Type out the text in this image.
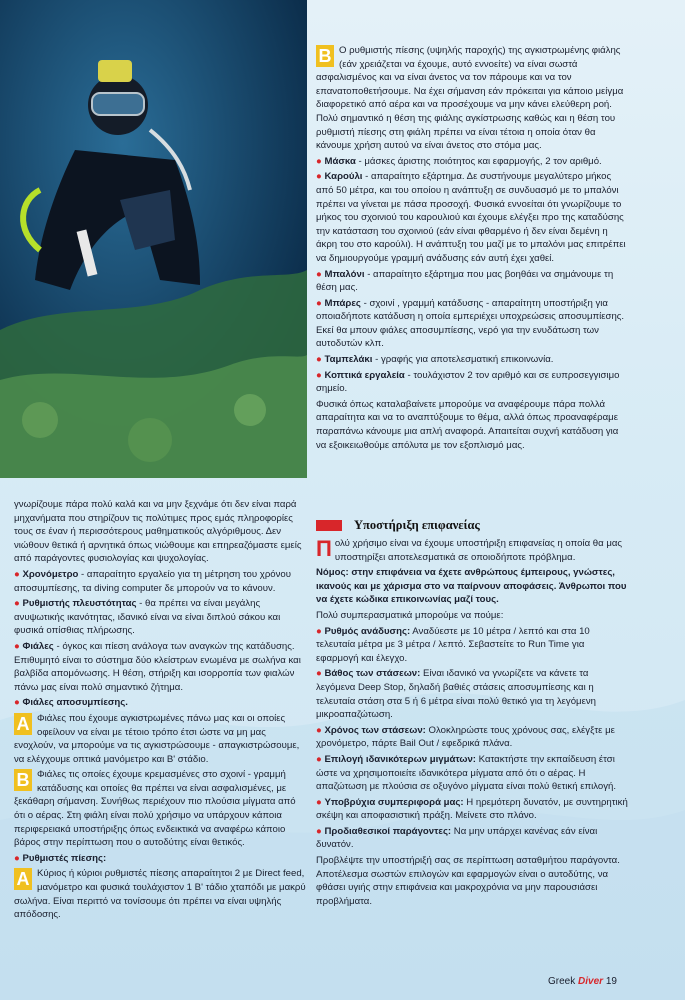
Β Ο ρυθμιστής πίεσης (υψηλής παροχής) της αγκιστρωμένης φιάλης (εάν χρειάζεται να έχουμε, αυτό εννοείτε) να είναι σωστά ασφαλισμένος και να είναι άνετος να τον πάρουμε και να τον επανατοποθετήσουμε. Να έχει σήμανση εάν πρόκειται για κάποιο μείγμα διαφορετικό από αέρα και να προσέχουμε να μην κάνει ελεύθερη ροή. Πολύ σημαντικό η θέση της φιάλης αγκίστρωσης καθώς και η θέση του ρυθμιστή πίεσης στη φιάλη πρέπει να είναι τέτοια η οποία όταν θα κάνουμε χρήση αυτού να είναι άνετος στο στόμα μας.

● Μάσκα - μάσκες άριστης ποιότητος και εφαρμογής, 2 τον αριθμό.

● Καρούλι - απαραίτητο εξάρτημα. Δε συστήνουμε μεγαλύτερο μήκος από 50 μέτρα, και του οποίου η ανάπτυξη σε συνδυασμό με το μπαλόνι πρέπει να γίνεται με πάσα προσοχή. Φυσικά εννοείται ότι γνωρίζουμε το μήκος του σχοινιού του καρουλιού και έχουμε ελέγξει προ της καταδύσης την κατάσταση του σχοινιού (εάν είναι φθαρμένο ή δεν είναι δεμένη η άκρη του στο καρούλι). Η ανάπτυξη του μαζί με το μπαλόνι μας επιτρέπει να δημιουργούμε γραμμή ανάδυσης εάν αυτή έχει χαθεί.

● Μπαλόνι - απαραίτητο εξάρτημα που μας βοηθάει να σημάνουμε τη θέση μας.

● Μπάρες - σχοινί , γραμμή κατάδυσης - απαραίτητη υποστήριξη για οποιαδήποτε κατάδυση η οποία εμπεριέχει υποχρεώσεις αποσυμπίεσης. Εκεί θα μπουν φιάλες αποσυμπίεσης, νερό για την ενυδάτωση των αυτοδυτών κλπ.

● Ταμπελάκι - γραφής για αποτελεσματική επικοινωνία.

● Κοπτικά εργαλεία - τουλάχιστον 2 τον αριθμό και σε ευπροσεγγισιμο σημείο.

Φυσικά όπως καταλαβαίνετε μπορούμε να αναφέρουμε πάρα πολλά απαραίτητα και να το αναπτύξουμε το θέμα, αλλά όπως προαναφέραμε παραπάνω κάνουμε μια απλή αναφορά. Απαιτείται συχνή κατάδυση για να εξοικειωθούμε απόλυτα με τον εξοπλισμό μας.

γνωρίζουμε πάρα πολύ καλά και να μην ξεχνάμε ότι δεν είναι παρά μηχανήματα που στηρίζουν τις πολύτιμες προς εμάς πληροφορίες τους σε έναν ή περισσότερους μαθηματικούς αλγόριθμους. Δεν νιώθουν θετικά ή αρνητικά όπως νιώθουμε και επηρεαζόμαστε εμείς από παράγοντες φυσιολογίας και ψυχολογίας.

● Χρονόμετρο - απαραίτητο εργαλείο για τη μέτρηση του χρόνου αποσυμπίεσης, τα diving computer δε μπορούν να το κάνουν.

● Ρυθμιστής πλευστότητας - θα πρέπει να είναι μεγάλης ανυψωτικής ικανότητας, ιδανικό είναι να είναι διπλού σάκου και φυσικά οπίσθιας πλήρωσης.

● Φιάλες - όγκος και πίεση ανάλογα των αναγκών της κατάδυσης. Επιθυμητό είναι το σύστημα δύο κλείστρων ενωμένα με σωλήνα και βαλβίδα απομόνωσης. Η θέση, στήριξη και ισορροπία των φιαλών πάνω μας είναι πολύ σημαντικό ζήτημα.

● Φιάλες αποσυμπίεσης.

Α Φιάλες που έχουμε αγκιστρωμένες πάνω μας και οι οποίες οφείλουν να είναι με τέτοιο τρόπο έτσι ώστε να μη μας ενοχλούν, να μπορούμε να τις αγκιστρώσουμε - απαγκιστρώσουμε, να ελέγχουμε οπτικά μανόμετρο και Β' στάδιο.

Β Φιάλες τις οποίες έχουμε κρεμασμένες στο σχοινί - γραμμή κατάδυσης και οποίες θα πρέπει να είναι ασφαλισμένες, με ξεκάθαρη σήμανση. Συνήθως περιέχουν πιο πλούσια μίγματα από ότι ο αέρας. Στη φιάλη είναι πολύ χρήσιμο να υπάρχουν κάποια περιφερειακά υποστήριξης όπως ενδεικτικά να αναφέρω κάποιο βάρος στην περίπτωση που ο αυτοδύτης είναι θετικός.

● Ρυθμιστές πίεσης:

Α Κύριος ή κύριοι ρυθμιστές πίεσης απαραίτητοι 2 με Direct feed, μανόμετρο και φυσικά τουλάχιστον 1 Β' τάδιο χταπόδι με μακρύ σωλήνα. Είναι περιττό να τονίσουμε ότι πρέπει να είναι υψηλής απόδοσης.

Υποστήριξη επιφανείας

Π ολύ χρήσιμο είναι να έχουμε υποστήριξη επιφανείας η οποία θα μας υποστηρίξει αποτελεσματικά σε οποιοδήποτε πρόβλημα.

Νόμος: στην επιφάνεια να έχετε ανθρώπους έμπειρους, γνώστες, ικανούς και με χάρισμα στο να παίρνουν αποφάσεις. Άνθρωποι που να έχετε κώδικα επικοινωνίας μαζί τους.

Πολύ συμπερασματικά μπορούμε να πούμε:

● Ρυθμός ανάδυσης: Αναδύεστε με 10 μέτρα / λεπτό και στα 10 τελευταία μέτρα με 3 μέτρα / λεπτό. Σεβαστείτε το Run Time για εφαρμογή και έλεγχο.

● Βάθος των στάσεων: Είναι ιδανικό να γνωρίζετε να κάνετε τα λεγόμενα Deep Stop, δηλαδή βαθιές στάσεις αποσυμπίεσης και η τελευταία στάση στα 5 ή 6 μέτρα είναι πολύ θετικό για τη λεγόμενη μικροαπαζώτωση.

● Χρόνος των στάσεων: Ολοκληρώστε τους χρόνους σας, ελέγξτε με χρονόμετρο, πάρτε Bail Out / εφεδρικά πλάνα.

● Επιλογή ιδανικότερων μιγμάτων: Κατακτήστε την εκπαίδευση έτσι ώστε να χρησιμοποιείτε ιδανικότερα μίγματα από ότι ο αέρας. Η απαζώτωση με πλούσια σε οξυγόνο μίγματα είναι πολύ θετική επιλογή.

● Υποβρύχια συμπεριφορά μας: Η ηρεμότερη δυνατόν, με συντηρητική σκέψη και αποφασιστική πράξη. Μείνετε στο πλάνο.

● Προδιαθεσικοί παράγοντες: Να μην υπάρχει κανένας εάν είναι δυνατόν.

Προβλέψτε την υποστήριξή σας σε περίπτωση ασταθμήτου παράγοντα. Αποτέλεσμα σωστών επιλογών και εφαρμογών είναι ο αυτοδύτης, να φθάσει υγιής στην επιφάνεια και μακροχρόνια να μην παρουσιάσει προβλήματα.

Greek Diver 19
